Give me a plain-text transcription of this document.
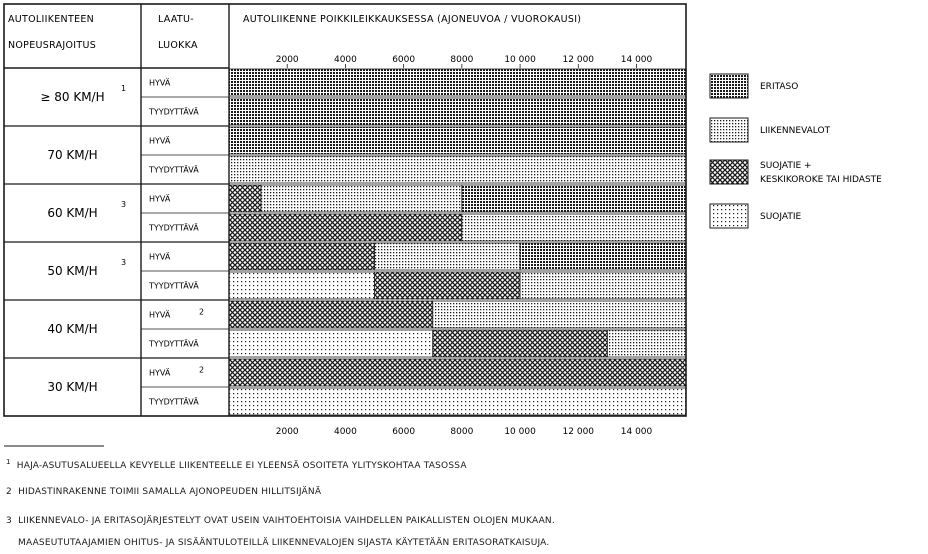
AUTOLIIKENTEEN
NOPEUSRAJOITUS
LAATU-
LUOKKA
AUTOLIIKENNE POIKKILEIKKAUKSESSA (AJONEUVOA / VUOROKAUSI)
≥ 80 KM/H
1
HYVÄ
TYYDYTTÄVÄ
70 KM/H
HYVÄ
TYYDYTTÄVÄ
60 KM/H
3
HYVÄ
TYYDYTTÄVÄ
50 KM/H
3
HYVÄ
TYYDYTTÄVÄ
40 KM/H
HYVÄ	2
TYYDYTTÄVÄ
30 KM/H
HYVÄ	2
TYYDYTTÄVÄ
2000
2000
4000
4000
6000
6000
8000
8000
10 000
10 000
12 000
12 000
14 000
14 000
ERITASO
LIIKENNEVALOT
SUOJATIE +
KESKIKOROKE TAI HIDASTE
SUOJATIE
$^1$ HAJA-ASUTUSALUEELLA KEVYELLE LIIKENTEELLE EI YLEENSÄ OSOITETA YLITYSKOHTAA TASOSSA
2 HIDASTINRAKENNE TOIMII SAMALLA AJONOPEUDEN HILLITSIJÄNÄ
3 LIIKENNEVALO- JA ERITASOJÄRJESTELYT OVAT USEIN VAIHTOEHTOISIA VAIHDELLEN PAIKALLISTEN OLOJEN MUKAAN.
MAASEUTUTAAJAMIEN OHITUS- JA SISÄÄNTULOTEILLÄ LIIKENNEVALOJEN SIJASTA KÄYTETÄÄN ERITASORATKAISUJA.
